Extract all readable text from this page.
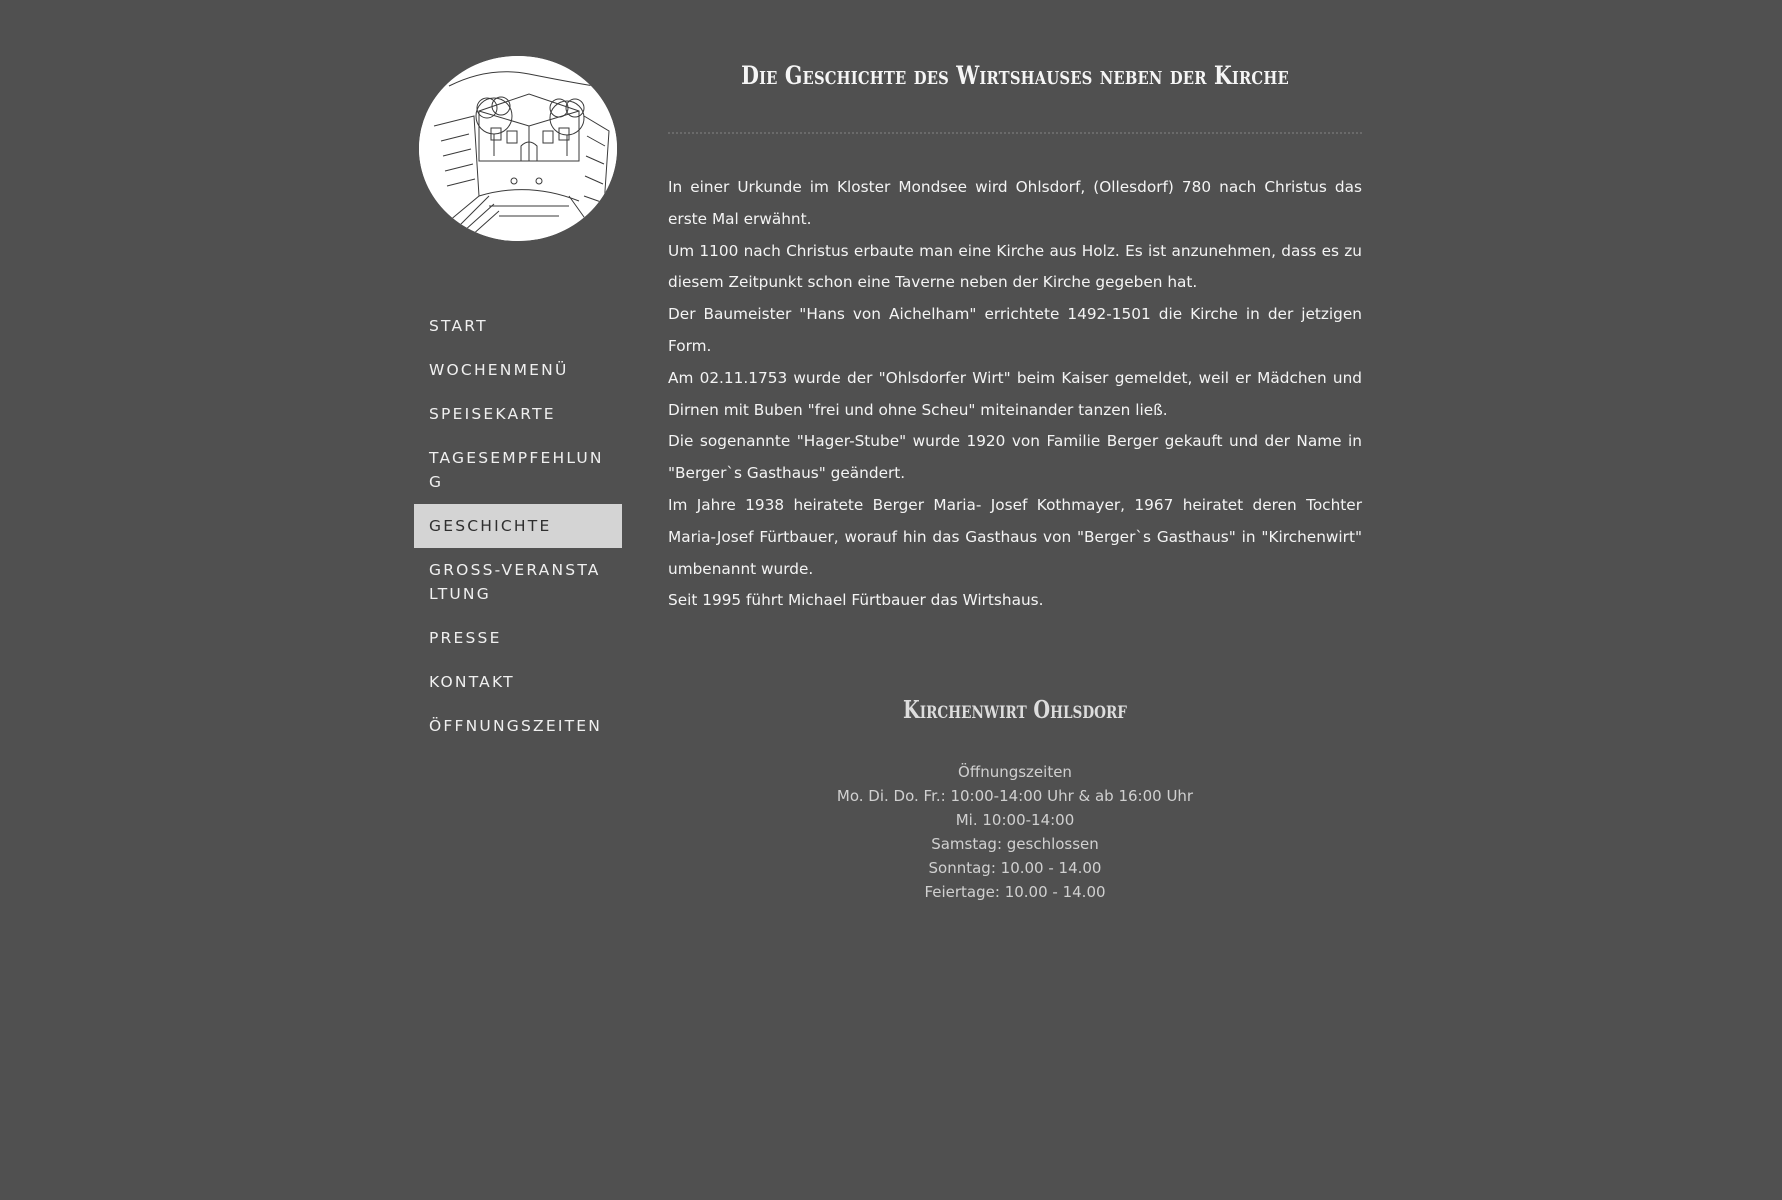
START
WOCHENMENÜ
SPEISEKARTE
TAGESEMPFEHLUNG
GESCHICHTE
GROSS-VERANSTALTUNG
PRESSE
KONTAKT
ÖFFNUNGSZEITEN
Die Geschichte des Wirtshauses neben der Kirche

In einer Urkunde im Kloster Mondsee wird Ohlsdorf, (Ollesdorf) 780 nach Christus das erste Mal erwähnt.

Um 1100 nach Christus erbaute man eine Kirche aus Holz. Es ist anzunehmen, dass es zu diesem Zeitpunkt schon eine Taverne neben der Kirche gegeben hat.

Der Baumeister "Hans von Aichelham" errichtete 1492-1501 die Kirche in der jetzigen Form.

Am 02.11.1753 wurde der "Ohlsdorfer Wirt" beim Kaiser gemeldet, weil er Mädchen und Dirnen mit Buben "frei und ohne Scheu" miteinander tanzen ließ.

Die sogenannte "Hager-Stube" wurde 1920 von Familie Berger gekauft und der Name in "Berger`s Gasthaus" geändert.

Im Jahre 1938 heiratete Berger Maria- Josef Kothmayer, 1967 heiratet deren Tochter Maria-Josef Fürtbauer, worauf hin das Gasthaus von "Berger`s Gasthaus" in "Kirchenwirt" umbenannt wurde.

Seit 1995 führt Michael Fürtbauer das Wirtshaus.

Kirchenwirt Ohlsdorf
Öffnungszeiten
Mo. Di. Do. Fr.: 10:00-14:00 Uhr & ab 16:00 Uhr
Mi. 10:00-14:00
Samstag: geschlossen
Sonntag: 10.00 - 14.00
Feiertage: 10.00 - 14.00
